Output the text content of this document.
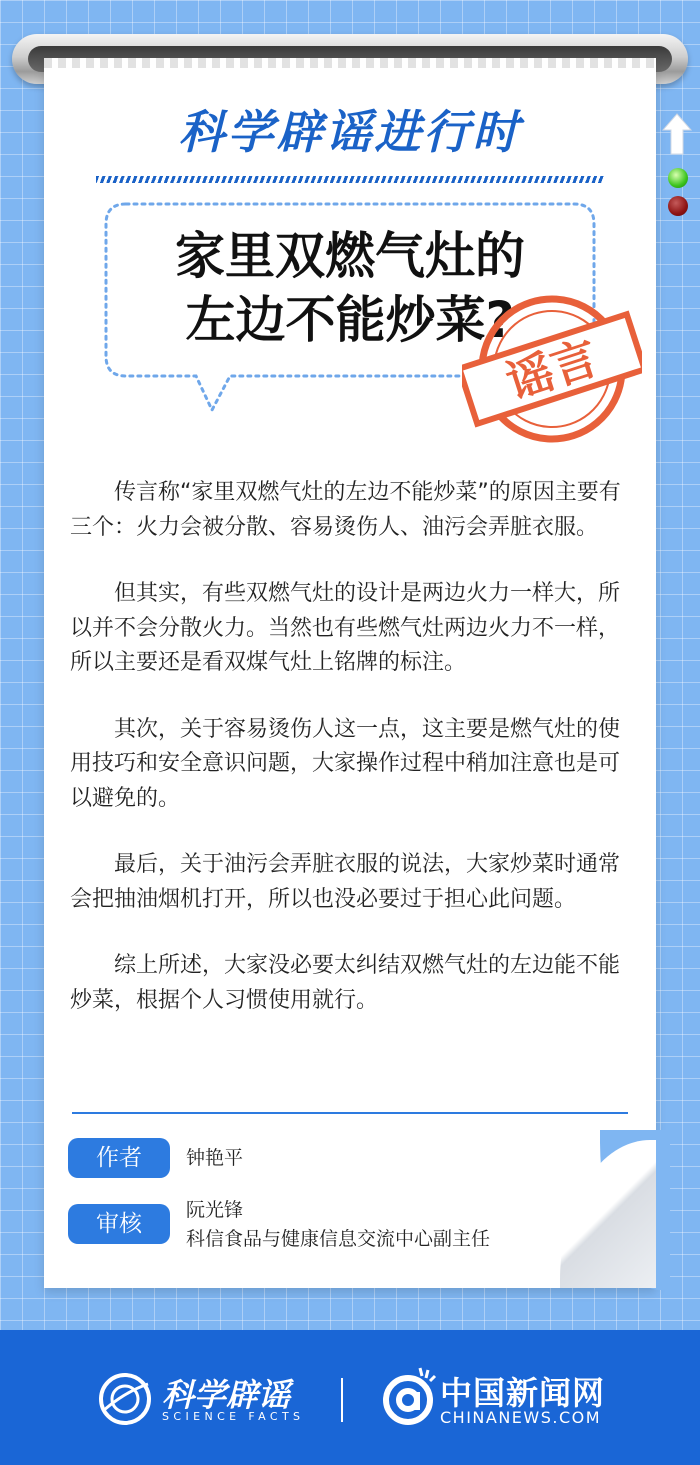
科学辟谣进行时
家里双燃气灶的
左边不能炒菜?
谣言

传言称“家里双燃气灶的左边不能炒菜”的原因主要有三个：火力会被分散、容易烫伤人、油污会弄脏衣服。

但其实，有些双燃气灶的设计是两边火力一样大，所以并不会分散火力。当然也有些燃气灶两边火力不一样，所以主要还是看双煤气灶上铭牌的标注。

其次，关于容易烫伤人这一点，这主要是燃气灶的使用技巧和安全意识问题，大家操作过程中稍加注意也是可以避免的。

最后，关于油污会弄脏衣服的说法，大家炒菜时通常会把抽油烟机打开，所以也没必要过于担心此问题。

综上所述，大家没必要太纠结双燃气灶的左边能不能炒菜，根据个人习惯使用就行。

作者	钟艳平
审核
阮光锋
科信食品与健康信息交流中心副主任
科学辟谣
SCIENCE FACTS
中国新闻网
CHINANEWS.COM
